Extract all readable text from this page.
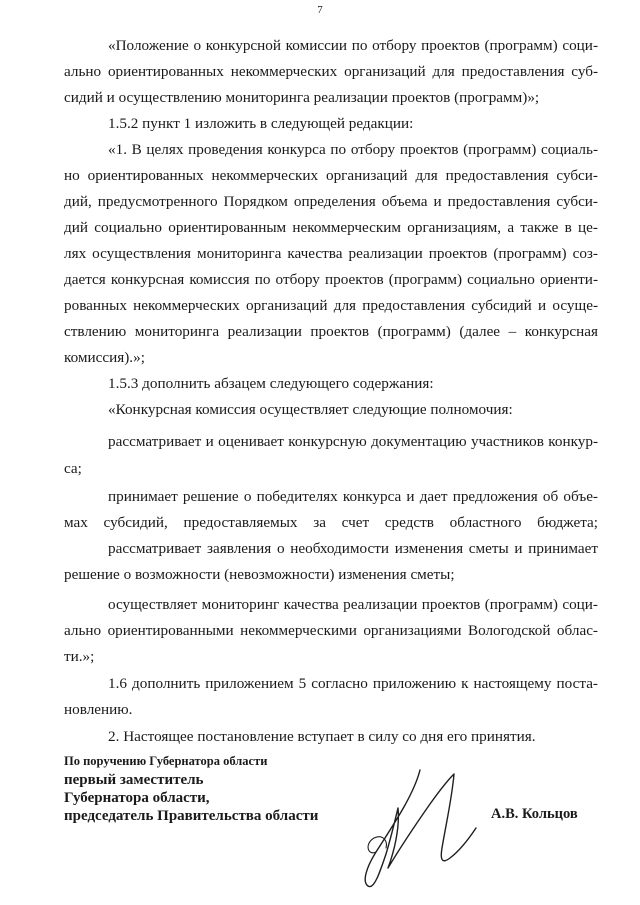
7
«Положение о конкурсной комиссии по отбору проектов (программ) соци-
ально ориентированных некоммерческих организаций для предоставления суб-
сидий и осуществлению мониторинга реализации проектов (программ)»;
1.5.2 пункт 1 изложить в следующей редакции:
«1. В целях проведения конкурса по отбору проектов (программ) социаль-
но ориентированных некоммерческих организаций для предоставления субси-
дий, предусмотренного Порядком определения объема и предоставления субси-
дий социально ориентированным некоммерческим организациям, а также в це-
лях осуществления мониторинга качества реализации проектов (программ) соз-
дается конкурсная комиссия по отбору проектов (программ) социально ориенти-
рованных некоммерческих организаций для предоставления субсидий и осуще-
ствлению мониторинга реализации проектов (программ) (далее – конкурсная
комиссия).»;
1.5.3 дополнить абзацем следующего содержания:
«Конкурсная комиссия осуществляет следующие полномочия:
рассматривает и оценивает конкурсную документацию участников конкур-
са;
принимает решение о победителях конкурса и дает предложения об объе-
мах субсидий, предоставляемых за счет средств областного бюджета;
рассматривает заявления о необходимости изменения сметы и принимает
решение о возможности (невозможности) изменения сметы;
осуществляет мониторинг качества реализации проектов (программ) соци-
ально ориентированными некоммерческими организациями Вологодской облас-
ти.»;
1.6 дополнить приложением 5 согласно приложению к настоящему поста-
новлению.
2. Настоящее постановление вступает в силу со дня его принятия.
По поручению Губернатора области
первый заместитель
Губернатора области,
председатель Правительства области	А.В. Кольцов
